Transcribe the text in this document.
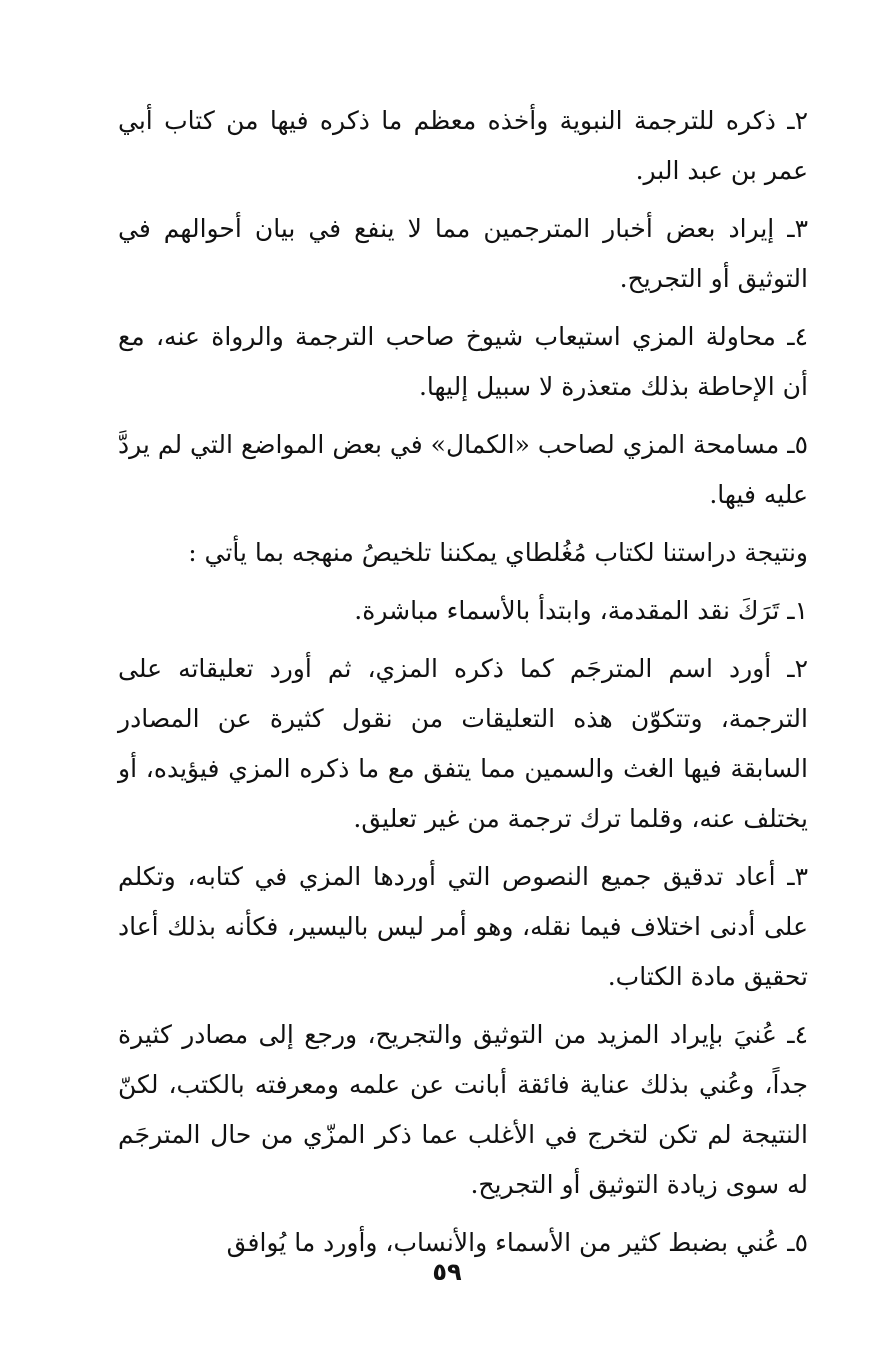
٢ـ ذكره للترجمة النبوية وأخذه معظم ما ذكره فيها من كتاب أبي عمر بن عبد البر.

٣ـ إيراد بعض أخبار المترجمين مما لا ينفع في بيان أحوالهم في التوثيق أو التجريح.

٤ـ محاولة المزي استيعاب شيوخ صاحب الترجمة والرواة عنه، مع أن الإحاطة بذلك متعذرة لا سبيل إليها.

٥ـ مسامحة المزي لصاحب «الكمال» في بعض المواضع التي لم يردَّ عليه فيها.

ونتيجة دراستنا لكتاب مُغُلطاي يمكننا تلخيصُ منهجه بما يأتي :

١ـ تَرَكَ نقد المقدمة، وابتدأ بالأسماء مباشرة.

٢ـ أورد اسم المترجَم كما ذكره المزي، ثم أورد تعليقاته على الترجمة، وتتكوّن هذه التعليقات من نقول كثيرة عن المصادر السابقة فيها الغث والسمين مما يتفق مع ما ذكره المزي فيؤيده، أو يختلف عنه، وقلما ترك ترجمة من غير تعليق.

٣ـ أعاد تدقيق جميع النصوص التي أوردها المزي في كتابه، وتكلم على أدنى اختلاف فيما نقله، وهو أمر ليس باليسير، فكأنه بذلك أعاد تحقيق مادة الكتاب.

٤ـ عُنيَ بإيراد المزيد من التوثيق والتجريح، ورجع إلى مصادر كثيرة جداً، وعُني بذلك عناية فائقة أبانت عن علمه ومعرفته بالكتب، لكنّ النتيجة لم تكن لتخرج في الأغلب عما ذكر المزّي من حال المترجَم له سوى زيادة التوثيق أو التجريح.

٥ـ عُني بضبط كثير من الأسماء والأنساب، وأورد ما يُوافق

٥٩
